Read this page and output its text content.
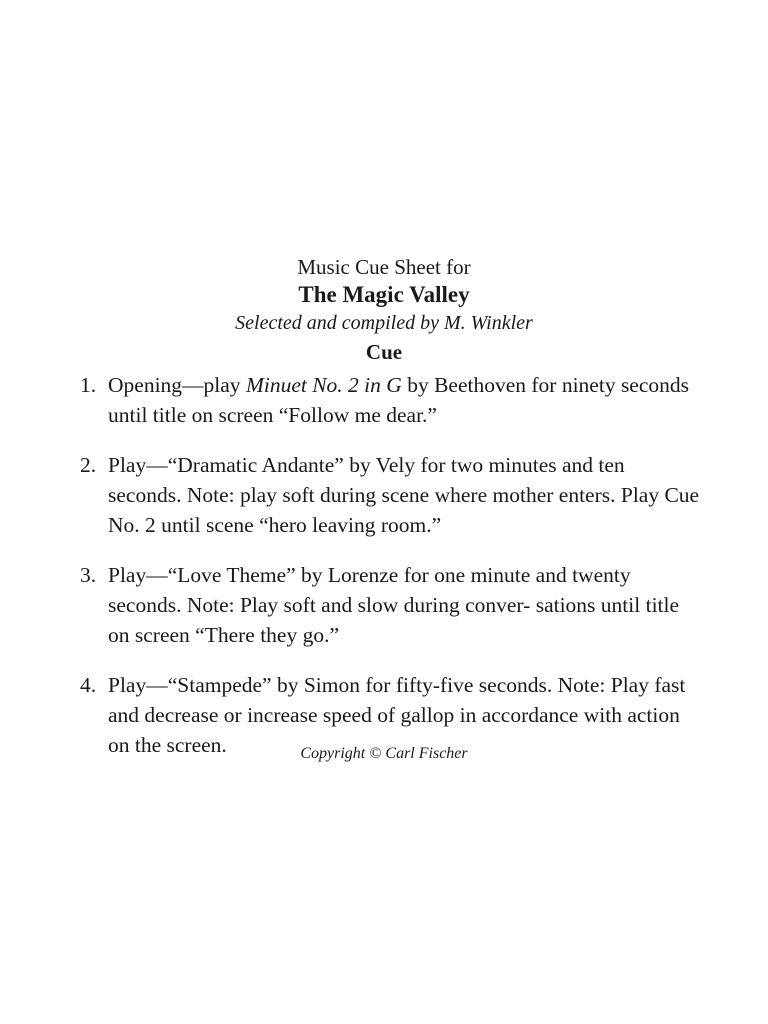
Music Cue Sheet for
The Magic Valley
Selected and compiled by M. Winkler
Cue
1. Opening—play Minuet No. 2 in G by Beethoven for ninety seconds until title on screen “Follow me dear.”
2. Play—“Dramatic Andante” by Vely for two minutes and ten seconds. Note: play soft during scene where mother enters. Play Cue No. 2 until scene “hero leaving room.”
3. Play—“Love Theme” by Lorenze for one minute and twenty seconds. Note: Play soft and slow during conver- sations until title on screen “There they go.”
4. Play—“Stampede” by Simon for fifty-five seconds. Note: Play fast and decrease or increase speed of gallop in accordance with action on the screen.	Copyright © Carl Fischer
